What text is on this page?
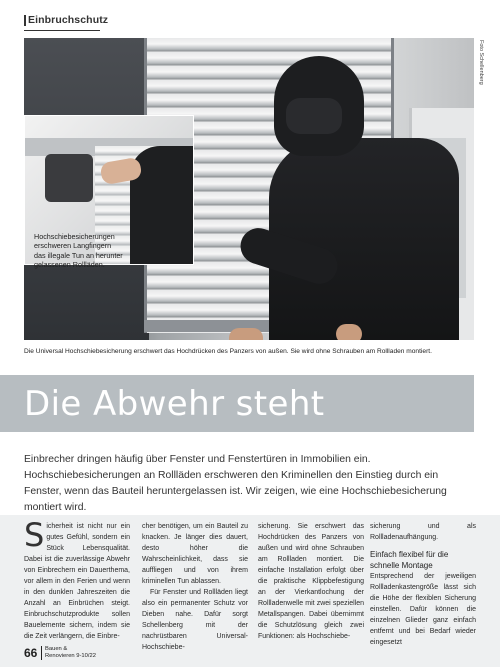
Einbruchschutz
Hochschiebesicherungen erschweren Langfingern das illegale Tun an herunter gelassenen Rollläden.
Foto Schellenberg
Die Universal Hochschiebesicherung erschwert das Hochdrücken des Panzers von außen. Sie wird ohne Schrauben am Rollladen montiert.
Die Abwehr steht

Einbrecher dringen häufig über Fenster und Fenstertüren in Immobilien ein. Hochschiebesicherungen an Rollläden erschweren den Kriminellen den Einstieg durch ein Fenster, wenn das Bauteil heruntergelassen ist. Wir zeigen, wie eine Hochschiebesicherung montiert wird.

Sicherheit ist nicht nur ein gutes Gefühl, sondern ein Stück Lebensqualität. Dabei ist die zuverlässige Abwehr von Einbrechern ein Dauerthema, vor allem in den Ferien und wenn in den dunklen Jahreszeiten die Anzahl an Einbrüchen steigt. Einbruchschutzprodukte sollen Bauelemente sichern, indem sie die Zeit verlängern, die Einbre-

cher benötigen, um ein Bauteil zu knacken. Je länger dies dauert, desto höher die Wahrscheinlichkeit, dass sie auffliegen und von ihrem kriminellen Tun ablassen.

Für Fenster und Rollläden liegt also ein permanenter Schutz vor Dieben nahe. Dafür sorgt Schellenberg mit der nachrüstbaren Universal-Hochschiebe-

sicherung. Sie erschwert das Hochdrücken des Panzers von außen und wird ohne Schrauben am Rollladen montiert. Die einfache Installation erfolgt über die praktische Klippbefestigung an der Vierkantlochung der Rollladenwelle mit zwei speziellen Metallspangen. Dabei übernimmt die Schutzlösung gleich zwei Funktionen: als Hochschiebe-

sicherung und als Rollladenaufhängung.

Einfach flexibel für die schnelle Montage

Entsprechend der jeweiligen Rollladenkastengröße lässt sich die Höhe der flexiblen Sicherung einstellen. Dafür können die einzelnen Glieder ganz einfach entfernt und bei Bedarf wieder eingesetzt

66 Bauen &
Renovieren 9-10/22
